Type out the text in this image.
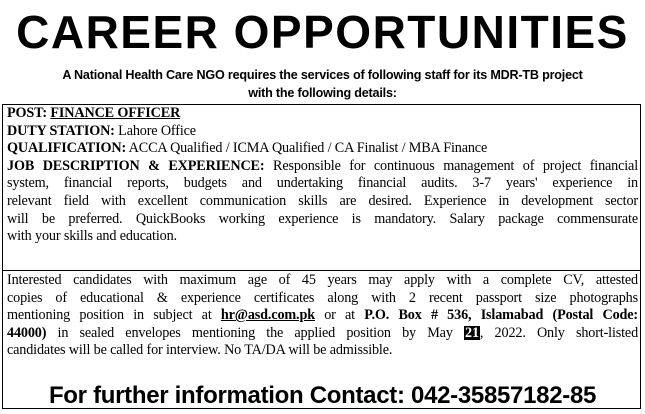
CAREER OPPORTUNITIES
A National Health Care NGO requires the services of following staff for its MDR-TB project
with the following details:
POST: FINANCE OFFICER
DUTY STATION: Lahore Office
QUALIFICATION: ACCA Qualified / ICMA Qualified / CA Finalist / MBA Finance
JOB DESCRIPTION & EXPERIENCE: Responsible for continuous management of project financial
system, financial reports, budgets and undertaking financial audits. 3-7 years' experience in
relevant field with excellent communication skills are desired. Experience in development sector
will be preferred. QuickBooks working experience is mandatory. Salary package commensurate
with your skills and education.
Interested candidates with maximum age of 45 years may apply with a complete CV, attested
copies of educational & experience certificates along with 2 recent passport size photographs
mentioning position in subject at hr@asd.com.pk or at P.O. Box # 536, Islamabad (Postal Code:
44000) in sealed envelopes mentioning the applied position by May 21, 2022. Only short-listed
candidates will be called for interview. No TA/DA will be admissible.
For further information Contact: 042-35857182-85
